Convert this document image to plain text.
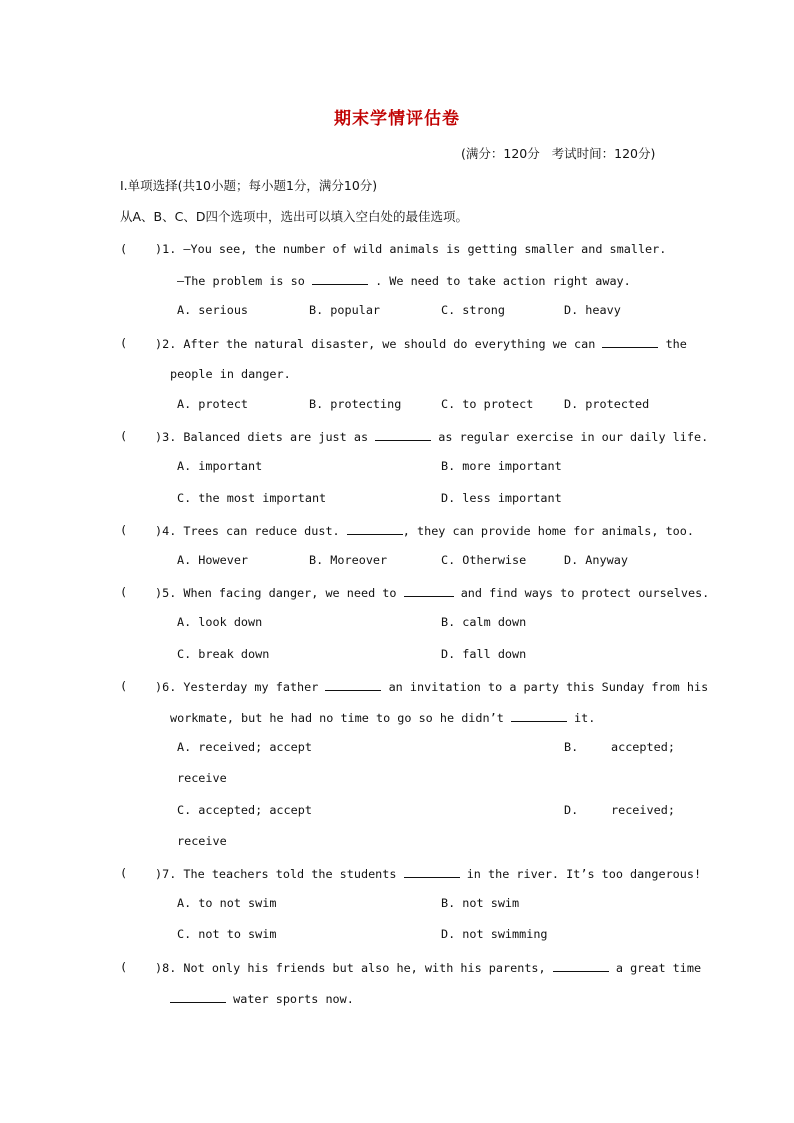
期末学情评估卷
(满分：120分   考试时间：120分)
I.单项选择(共10小题；每小题1分，满分10分)
从A、B、C、D四个选项中，选出可以填入空白处的最佳选项。
( )1. —You see, the number of wild animals is getting smaller and smaller.
—The problem is so	. We need to take action right away.
A. serious	B. popular	C. strong	D. heavy
( )2. After the natural disaster, we should do everything we can	the
people in danger.
A. protect	B. protecting	C. to protect	D. protected
( )3. Balanced diets are just as	as regular exercise in our daily life.
A. important	B. more important
C. the most important	D. less important
( )4. Trees can reduce dust.	, they can provide home for animals, too.
A. However	B. Moreover	C. Otherwise	D. Anyway
( )5. When facing danger, we need to	and find ways to protect ourselves.
A. look down	B. calm down
C. break down	D. fall down
( )6. Yesterday my father	an invitation to a party this Sunday from his
workmate, but he had no time to go so he didn’t	it.
A. received; accept	B.	accepted;
receive
C. accepted; accept	D.	received;
receive
( )7. The teachers told the students	in the river. It’s too dangerous!
A. to not swim	B. not swim
C. not to swim	D. not swimming
( )8. Not only his friends but also he, with his parents,	a great time
water sports now.
